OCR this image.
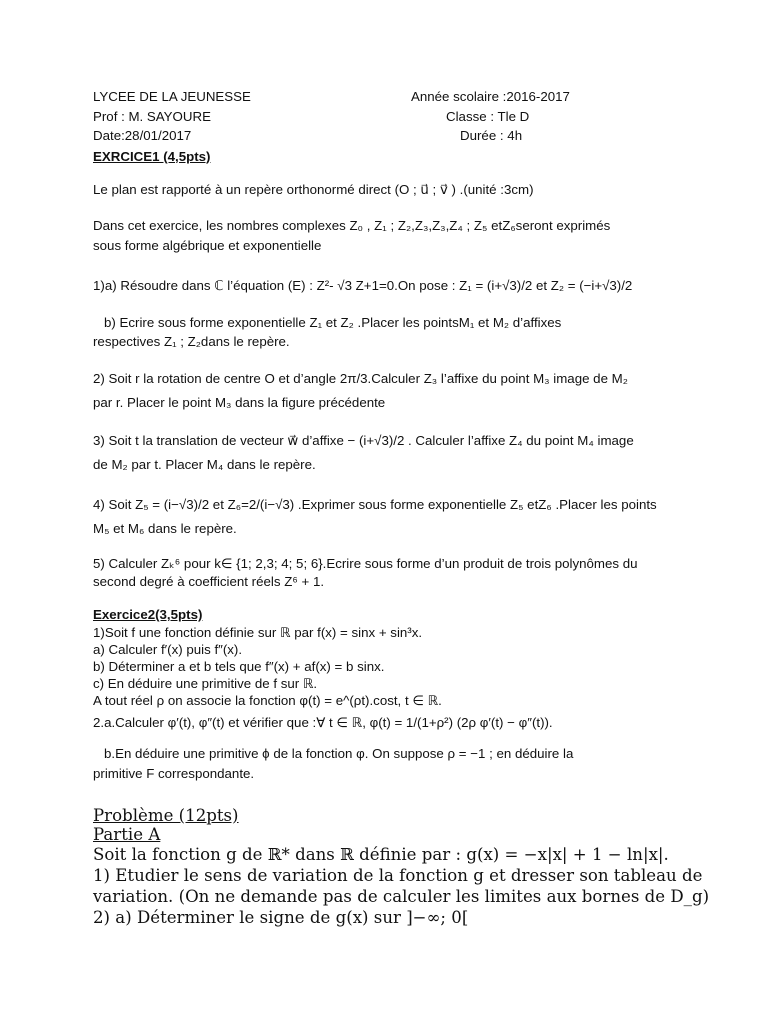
LYCEE DE LA JEUNESSE
Prof : M. SAYOURE
Date:28/01/2017
Année scolaire :2016-2017
Classe : Tle D
Durée : 4h
EXRCICE1 (4,5pts)
Le plan est rapporté à un repère orthonormé direct (O ; u⃗ ; v⃗ ) .(unité :3cm)
Dans cet exercice, les nombres complexes Z₀ , Z₁ ; Z₂,Z₃,Z₃,Z₄ ; Z₅ etZ₆seront exprimés
sous forme algébrique et exponentielle
1)a) Résoudre dans ℂ l’équation (E) : Z²- √3 Z+1=0.On pose : Z₁ = (i+√3)/2 et Z₂ = (−i+√3)/2
b) Ecrire sous forme exponentielle Z₁ et Z₂ .Placer les pointsM₁ et M₂ d’affixes
respectives Z₁ ; Z₂dans le repère.
2) Soit r la rotation de centre O et d’angle 2π/3.Calculer Z₃ l’affixe du point M₃ image de M₂
par r. Placer le point M₃ dans la figure précédente
3) Soit t la translation de vecteur w⃗ d’affixe − (i+√3)/2 . Calculer l’affixe Z₄ du point M₄ image
de M₂ par t. Placer M₄ dans le repère.
4) Soit Z₅ = (i−√3)/2 et Z₆=2/(i−√3) .Exprimer sous forme exponentielle Z₅ etZ₆ .Placer les points
M₅ et M₆ dans le repère.
5) Calculer Zₖ⁶ pour k∈ {1; 2,3; 4; 5; 6}.Ecrire sous forme d’un produit de trois polynômes du
second degré à coefficient réels Z⁶ + 1.
Exercice2(3,5pts)
1)Soit f une fonction définie sur ℝ par f(x) = sinx + sin³x.
a) Calculer f′(x) puis f″(x).
b) Déterminer a et b tels que f″(x) + af(x) = b sinx.
c) En déduire une primitive de f sur ℝ.
A tout réel ρ on associe la fonction φ(t) = e^(ρt).cost, t ∈ ℝ.
2.a.Calculer φ′(t), φ″(t) et vérifier que :∀ t ∈ ℝ, φ(t) = 1/(1+ρ²) (2ρ φ′(t) − φ″(t)).
b.En déduire une primitive ϕ de la fonction φ. On suppose ρ = −1 ; en déduire la
primitive F correspondante.
Problème (12pts)
Partie A
Soit la fonction g de ℝ* dans ℝ définie par : g(x) = −x|x| + 1 − ln|x|.
1) Etudier le sens de variation de la fonction g et dresser son tableau de
variation. (On ne demande pas de calculer les limites aux bornes de D_g)
2) a) Déterminer le signe de g(x) sur ]−∞; 0[
